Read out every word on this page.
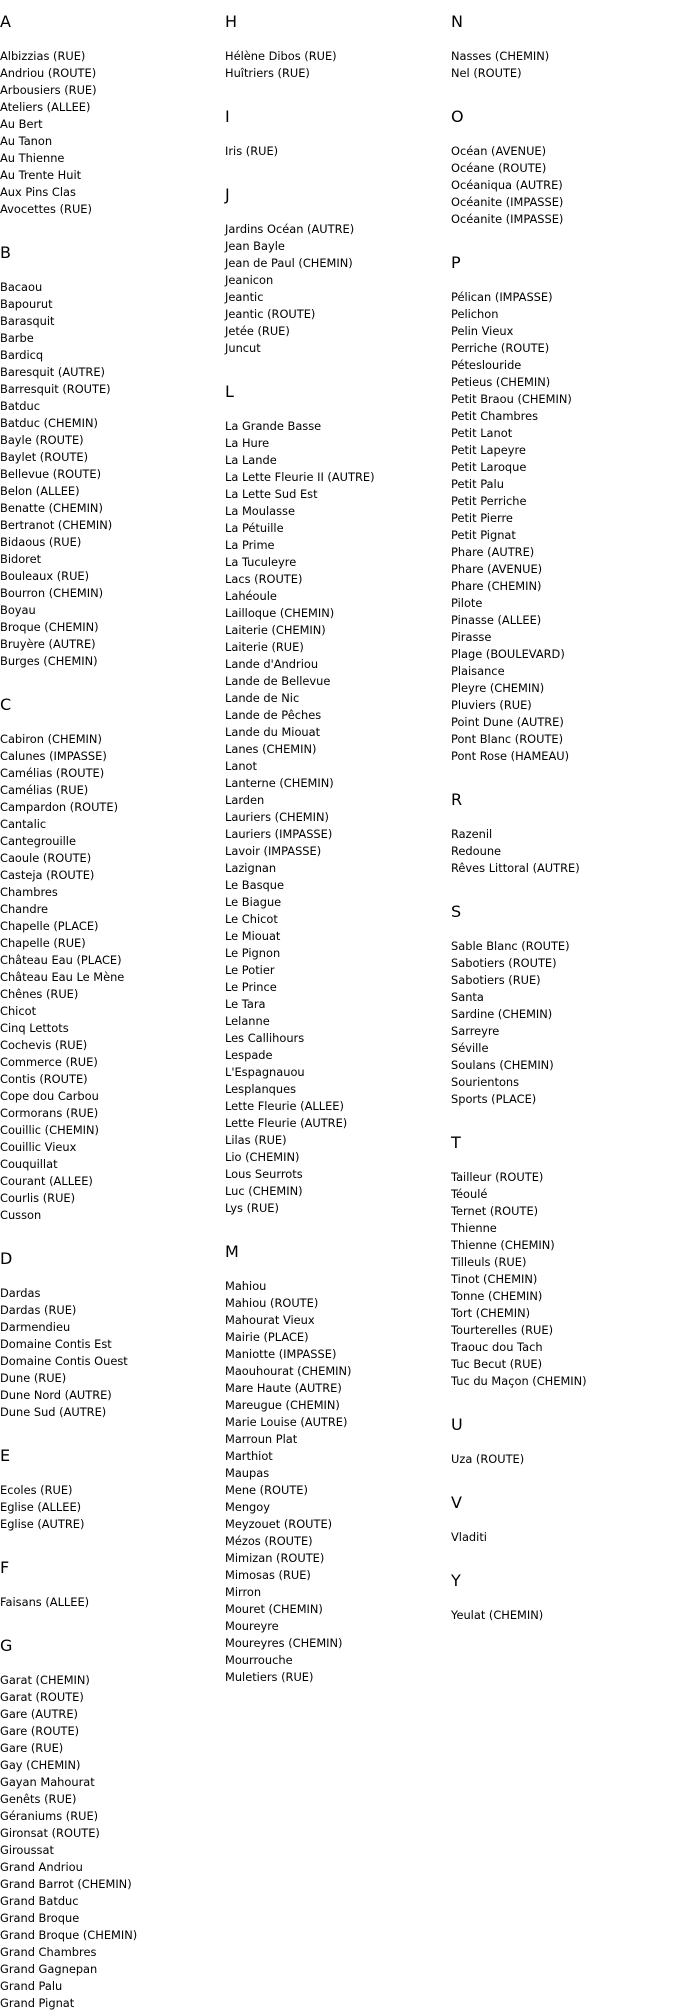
A
Albizzias (RUE)
Andriou (ROUTE)
Arbousiers (RUE)
Ateliers (ALLEE)
Au Bert
Au Tanon
Au Thienne
Au Trente Huit
Aux Pins Clas
Avocettes (RUE)
B
Bacaou
Bapourut
Barasquit
Barbe
Bardicq
Baresquit (AUTRE)
Barresquit (ROUTE)
Batduc
Batduc (CHEMIN)
Bayle (ROUTE)
Baylet (ROUTE)
Bellevue (ROUTE)
Belon (ALLEE)
Benatte (CHEMIN)
Bertranot (CHEMIN)
Bidaous (RUE)
Bidoret
Bouleaux (RUE)
Bourron (CHEMIN)
Boyau
Broque (CHEMIN)
Bruyère (AUTRE)
Burges (CHEMIN)
C
Cabiron (CHEMIN)
Calunes (IMPASSE)
Camélias (ROUTE)
Camélias (RUE)
Campardon (ROUTE)
Cantalic
Cantegrouille
Caoule (ROUTE)
Casteja (ROUTE)
Chambres
Chandre
Chapelle (PLACE)
Chapelle (RUE)
Château Eau (PLACE)
Château Eau Le Mène
Chênes (RUE)
Chicot
Cinq Lettots
Cochevis (RUE)
Commerce (RUE)
Contis (ROUTE)
Cope dou Carbou
Cormorans (RUE)
Couillic (CHEMIN)
Couillic Vieux
Couquillat
Courant (ALLEE)
Courlis (RUE)
Cusson
D
Dardas
Dardas (RUE)
Darmendieu
Domaine Contis Est
Domaine Contis Ouest
Dune (RUE)
Dune Nord (AUTRE)
Dune Sud (AUTRE)
E
Ecoles (RUE)
Eglise (ALLEE)
Eglise (AUTRE)
F
Faisans (ALLEE)
G
Garat (CHEMIN)
Garat (ROUTE)
Gare (AUTRE)
Gare (ROUTE)
Gare (RUE)
Gay (CHEMIN)
Gayan Mahourat
Genêts (RUE)
Géraniums (RUE)
Gironsat (ROUTE)
Giroussat
Grand Andriou
Grand Barrot (CHEMIN)
Grand Batduc
Grand Broque
Grand Broque (CHEMIN)
Grand Chambres
Grand Gagnepan
Grand Palu
Grand Pignat
H
Hélène Dibos (RUE)
Huîtriers (RUE)
I
Iris (RUE)
J
Jardins Océan (AUTRE)
Jean Bayle
Jean de Paul (CHEMIN)
Jeanicon
Jeantic
Jeantic (ROUTE)
Jetée (RUE)
Juncut
L
La Grande Basse
La Hure
La Lande
La Lette Fleurie II (AUTRE)
La Lette Sud Est
La Moulasse
La Pétuille
La Prime
La Tuculeyre
Lacs (ROUTE)
Lahéoule
Lailloque (CHEMIN)
Laiterie (CHEMIN)
Laiterie (RUE)
Lande d'Andriou
Lande de Bellevue
Lande de Nic
Lande de Pêches
Lande du Miouat
Lanes (CHEMIN)
Lanot
Lanterne (CHEMIN)
Larden
Lauriers (CHEMIN)
Lauriers (IMPASSE)
Lavoir (IMPASSE)
Lazignan
Le Basque
Le Biague
Le Chicot
Le Miouat
Le Pignon
Le Potier
Le Prince
Le Tara
Lelanne
Les Callihours
Lespade
L'Espagnauou
Lesplanques
Lette Fleurie (ALLEE)
Lette Fleurie (AUTRE)
Lilas (RUE)
Lio (CHEMIN)
Lous Seurrots
Luc (CHEMIN)
Lys (RUE)
M
Mahiou
Mahiou (ROUTE)
Mahourat Vieux
Mairie (PLACE)
Maniotte (IMPASSE)
Maouhourat (CHEMIN)
Mare Haute (AUTRE)
Mareugue (CHEMIN)
Marie Louise (AUTRE)
Marroun Plat
Marthiot
Maupas
Mene (ROUTE)
Mengoy
Meyzouet (ROUTE)
Mézos (ROUTE)
Mimizan (ROUTE)
Mimosas (RUE)
Mirron
Mouret (CHEMIN)
Moureyre
Moureyres (CHEMIN)
Mourrouche
Muletiers (RUE)
N
Nasses (CHEMIN)
Nel (ROUTE)
O
Océan (AVENUE)
Océane (ROUTE)
Océaniqua (AUTRE)
Océanite (IMPASSE)
Océanite (IMPASSE)
P
Pélican (IMPASSE)
Pelichon
Pelin Vieux
Perriche (ROUTE)
Péteslouride
Petieus (CHEMIN)
Petit Braou (CHEMIN)
Petit Chambres
Petit Lanot
Petit Lapeyre
Petit Laroque
Petit Palu
Petit Perriche
Petit Pierre
Petit Pignat
Phare (AUTRE)
Phare (AVENUE)
Phare (CHEMIN)
Pilote
Pinasse (ALLEE)
Pirasse
Plage (BOULEVARD)
Plaisance
Pleyre (CHEMIN)
Pluviers (RUE)
Point Dune (AUTRE)
Pont Blanc (ROUTE)
Pont Rose (HAMEAU)
R
Razenil
Redoune
Rêves Littoral (AUTRE)
S
Sable Blanc (ROUTE)
Sabotiers (ROUTE)
Sabotiers (RUE)
Santa
Sardine (CHEMIN)
Sarreyre
Séville
Soulans (CHEMIN)
Sourientons
Sports (PLACE)
T
Tailleur (ROUTE)
Téoulé
Ternet (ROUTE)
Thienne
Thienne (CHEMIN)
Tilleuls (RUE)
Tinot (CHEMIN)
Tonne (CHEMIN)
Tort (CHEMIN)
Tourterelles (RUE)
Traouc dou Tach
Tuc Becut (RUE)
Tuc du Maçon (CHEMIN)
U
Uza (ROUTE)
V
Vladiti
Y
Yeulat (CHEMIN)
